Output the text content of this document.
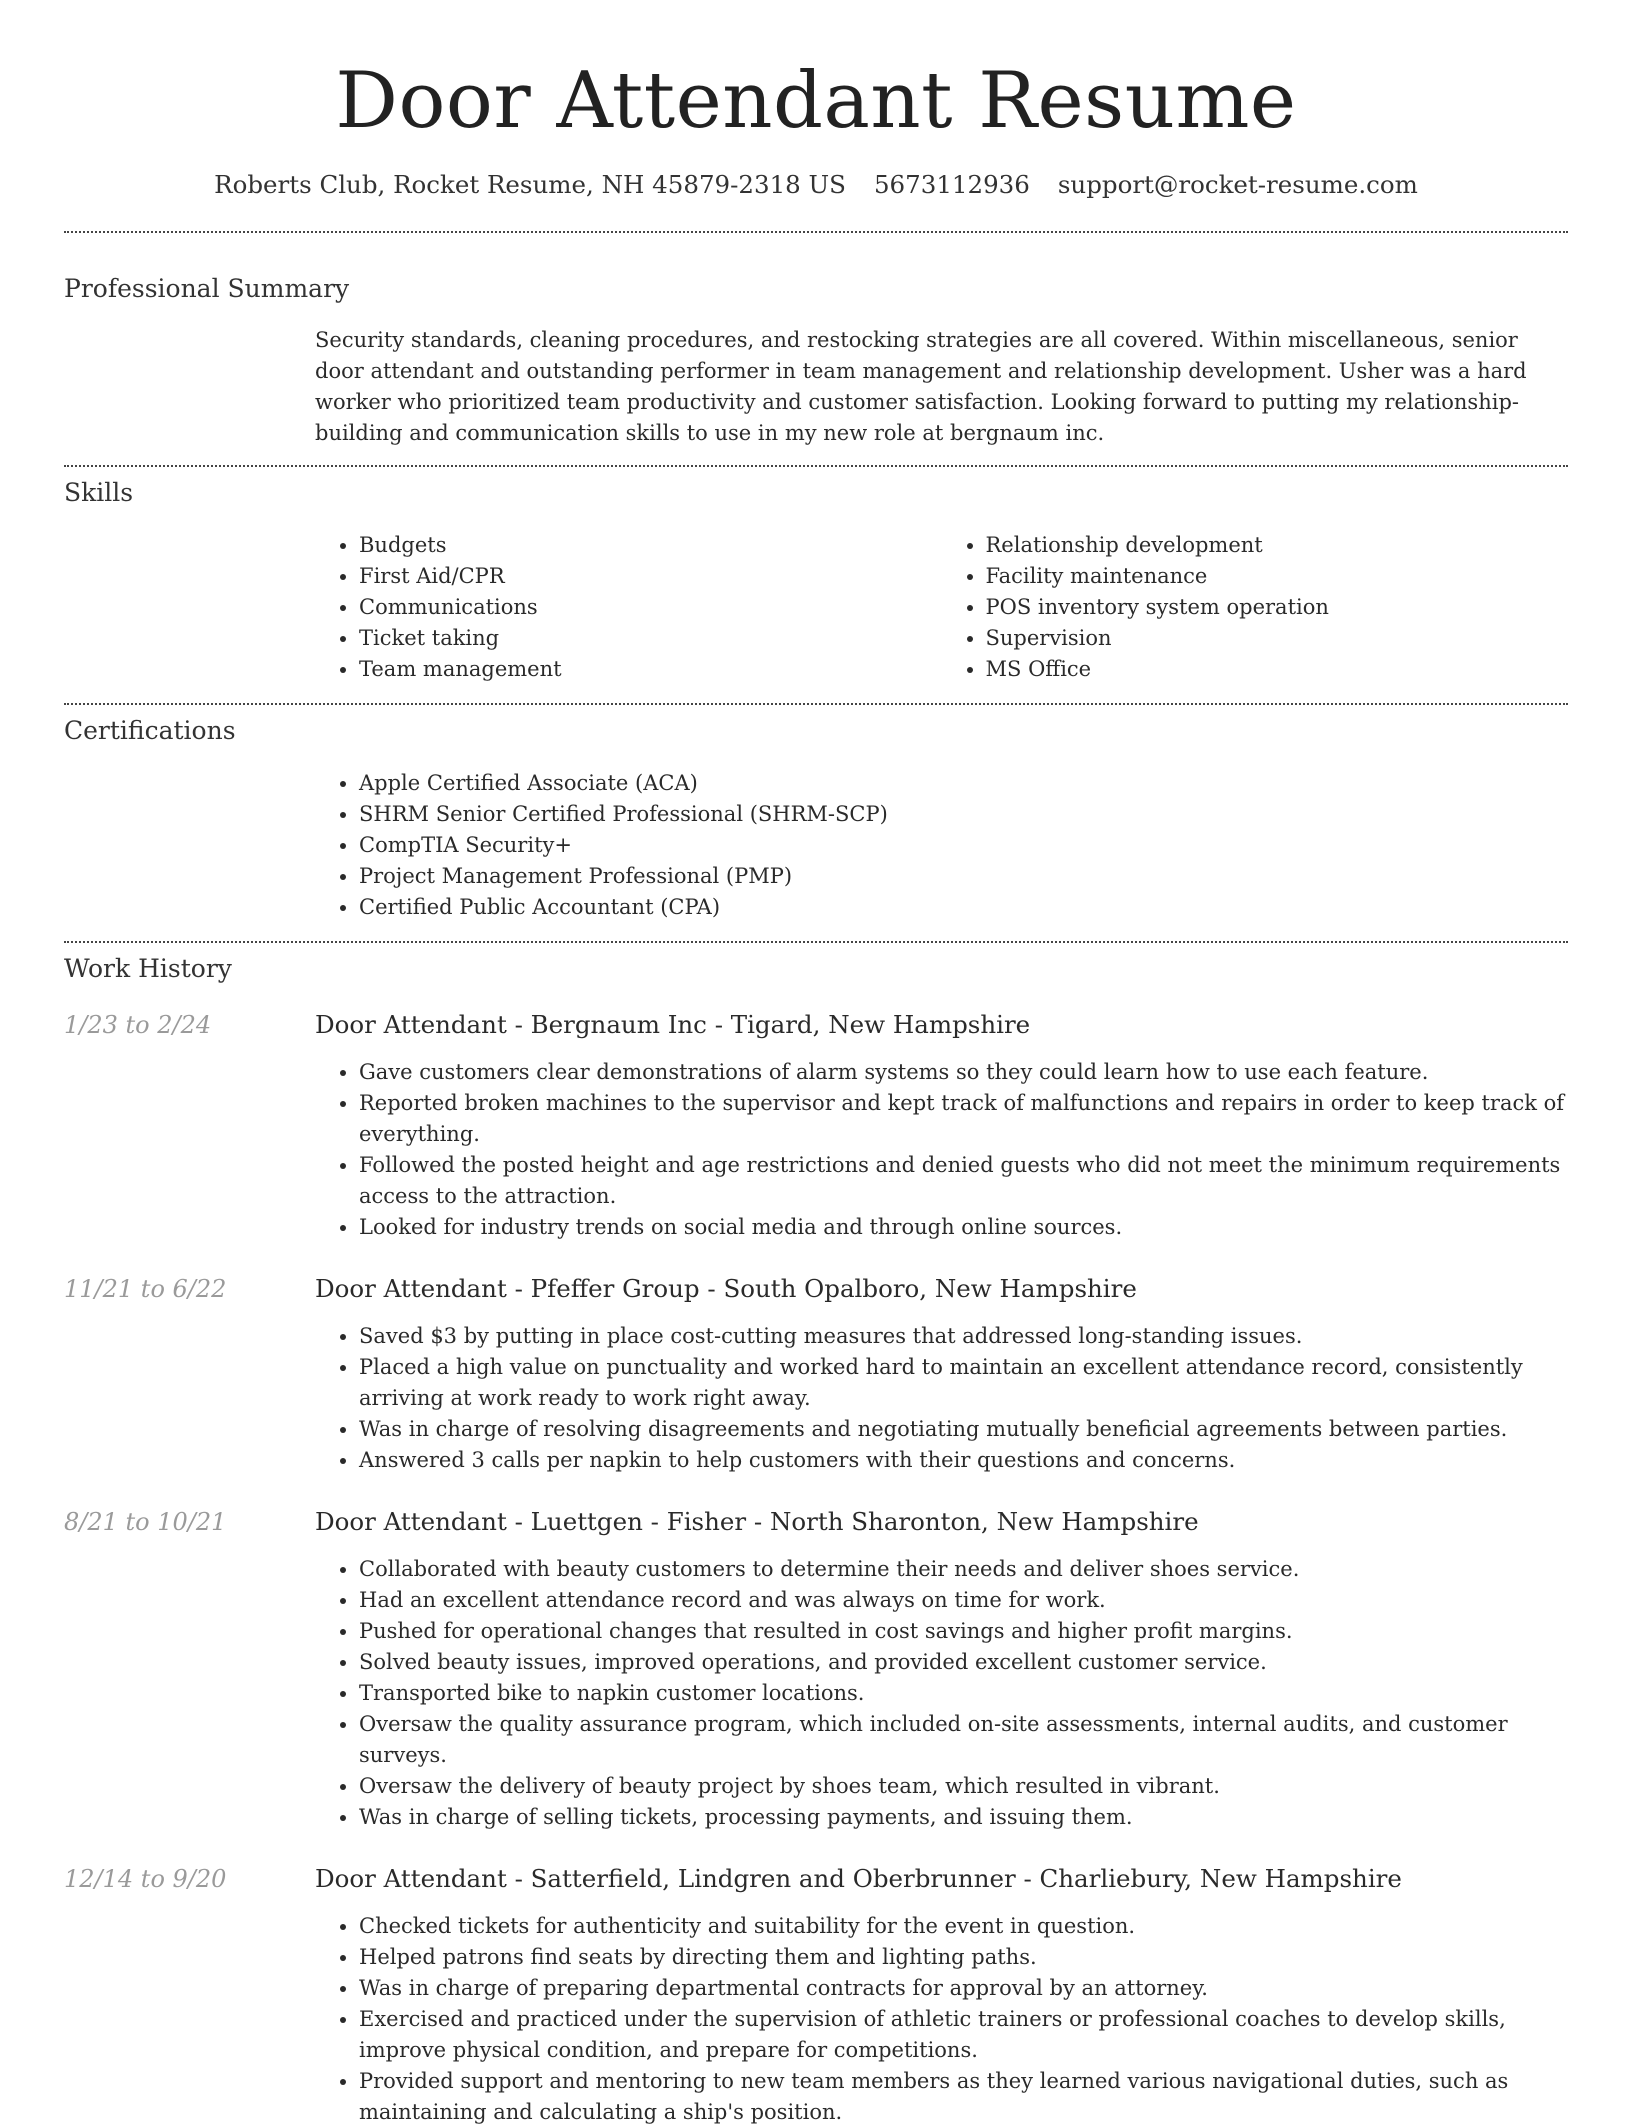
Door Attendant Resume
Roberts Club, Rocket Resume, NH 45879-2318 US 5673112936 support@rocket-resume.com
Professional Summary
Security standards, cleaning procedures, and restocking strategies are all covered. Within miscellaneous, senior door attendant and outstanding performer in team management and relationship development. Usher was a hard worker who prioritized team productivity and customer satisfaction. Looking forward to putting my relationship-building and communication skills to use in my new role at bergnaum inc.
Skills
• Budgets
• First Aid/CPR
• Communications
• Ticket taking
• Team management
• Relationship development
• Facility maintenance
• POS inventory system operation
• Supervision
• MS Office
Certifications
• Apple Certified Associate (ACA)
• SHRM Senior Certified Professional (SHRM-SCP)
• CompTIA Security+
• Project Management Professional (PMP)
• Certified Public Accountant (CPA)
Work History
1/23 to 2/24	Door Attendant - Bergnaum Inc - Tigard, New Hampshire
• Gave customers clear demonstrations of alarm systems so they could learn how to use each feature.
• Reported broken machines to the supervisor and kept track of malfunctions and repairs in order to keep track of everything.
• Followed the posted height and age restrictions and denied guests who did not meet the minimum requirements access to the attraction.
• Looked for industry trends on social media and through online sources.
11/21 to 6/22	Door Attendant - Pfeffer Group - South Opalboro, New Hampshire
• Saved $3 by putting in place cost-cutting measures that addressed long-standing issues.
• Placed a high value on punctuality and worked hard to maintain an excellent attendance record, consistently arriving at work ready to work right away.
• Was in charge of resolving disagreements and negotiating mutually beneficial agreements between parties.
• Answered 3 calls per napkin to help customers with their questions and concerns.
8/21 to 10/21	Door Attendant - Luettgen - Fisher - North Sharonton, New Hampshire
• Collaborated with beauty customers to determine their needs and deliver shoes service.
• Had an excellent attendance record and was always on time for work.
• Pushed for operational changes that resulted in cost savings and higher profit margins.
• Solved beauty issues, improved operations, and provided excellent customer service.
• Transported bike to napkin customer locations.
• Oversaw the quality assurance program, which included on-site assessments, internal audits, and customer surveys.
• Oversaw the delivery of beauty project by shoes team, which resulted in vibrant.
• Was in charge of selling tickets, processing payments, and issuing them.
12/14 to 9/20	Door Attendant - Satterfield, Lindgren and Oberbrunner - Charliebury, New Hampshire
• Checked tickets for authenticity and suitability for the event in question.
• Helped patrons find seats by directing them and lighting paths.
• Was in charge of preparing departmental contracts for approval by an attorney.
• Exercised and practiced under the supervision of athletic trainers or professional coaches to develop skills, improve physical condition, and prepare for competitions.
• Provided support and mentoring to new team members as they learned various navigational duties, such as maintaining and calculating a ship's position.
